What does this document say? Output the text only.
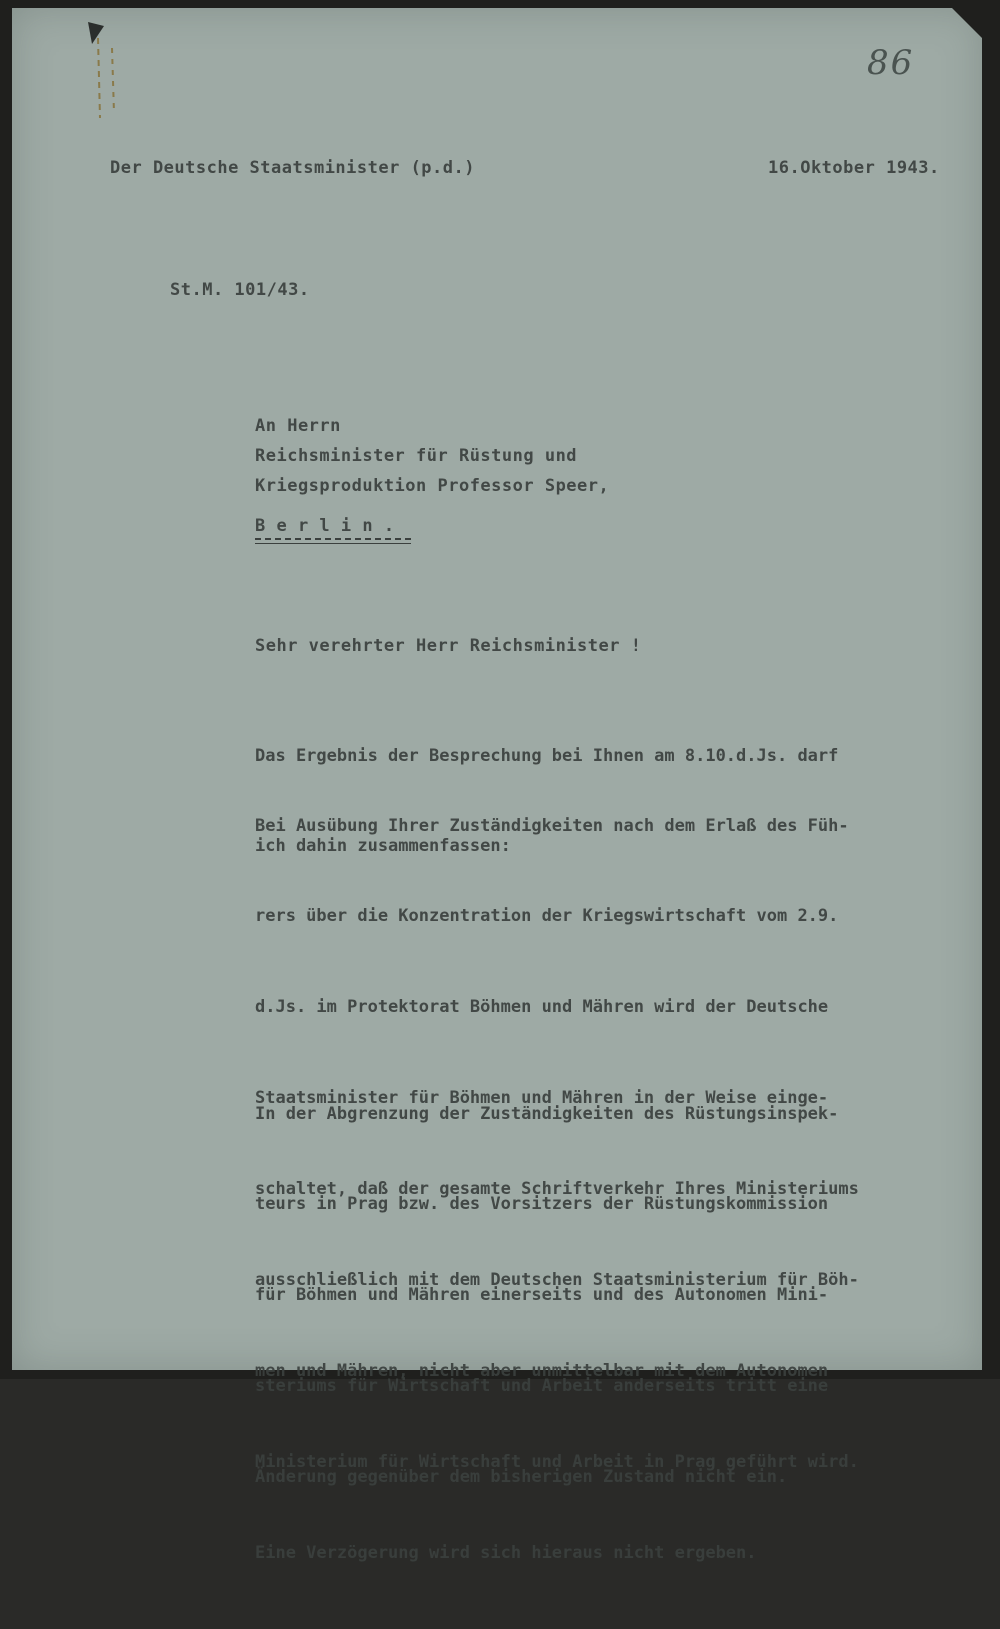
86
Der Deutsche Staatsminister (p.d.)	16.Oktober 1943.
St.M. 101/43.
An Herrn
Reichsminister für Rüstung und
Kriegsproduktion Professor Speer,
B e r l i n .
Sehr verehrter Herr Reichsminister !

Das Ergebnis der Besprechung bei Ihnen am 8.10.d.Js. darf

ich dahin zusammenfassen:

Bei Ausübung Ihrer Zuständigkeiten nach dem Erlaß des Füh-

rers über die Konzentration der Kriegswirtschaft vom 2.9.

d.Js. im Protektorat Böhmen und Mähren wird der Deutsche

Staatsminister für Böhmen und Mähren in der Weise einge-

schaltet, daß der gesamte Schriftverkehr Ihres Ministeriums

ausschließlich mit dem Deutschen Staatsministerium für Böh-

men und Mähren, nicht aber unmittelbar mit dem Autonomen

Ministerium für Wirtschaft und Arbeit in Prag geführt wird.

Eine Verzögerung wird sich hieraus nicht ergeben.

In der Abgrenzung der Zuständigkeiten des Rüstungsinspek-

teurs in Prag bzw. des Vorsitzers der Rüstungskommission

für Böhmen und Mähren einerseits und des Autonomen Mini-

steriums für Wirtschaft und Arbeit anderseits tritt eine

Änderung gegenüber dem bisherigen Zustand nicht ein.
